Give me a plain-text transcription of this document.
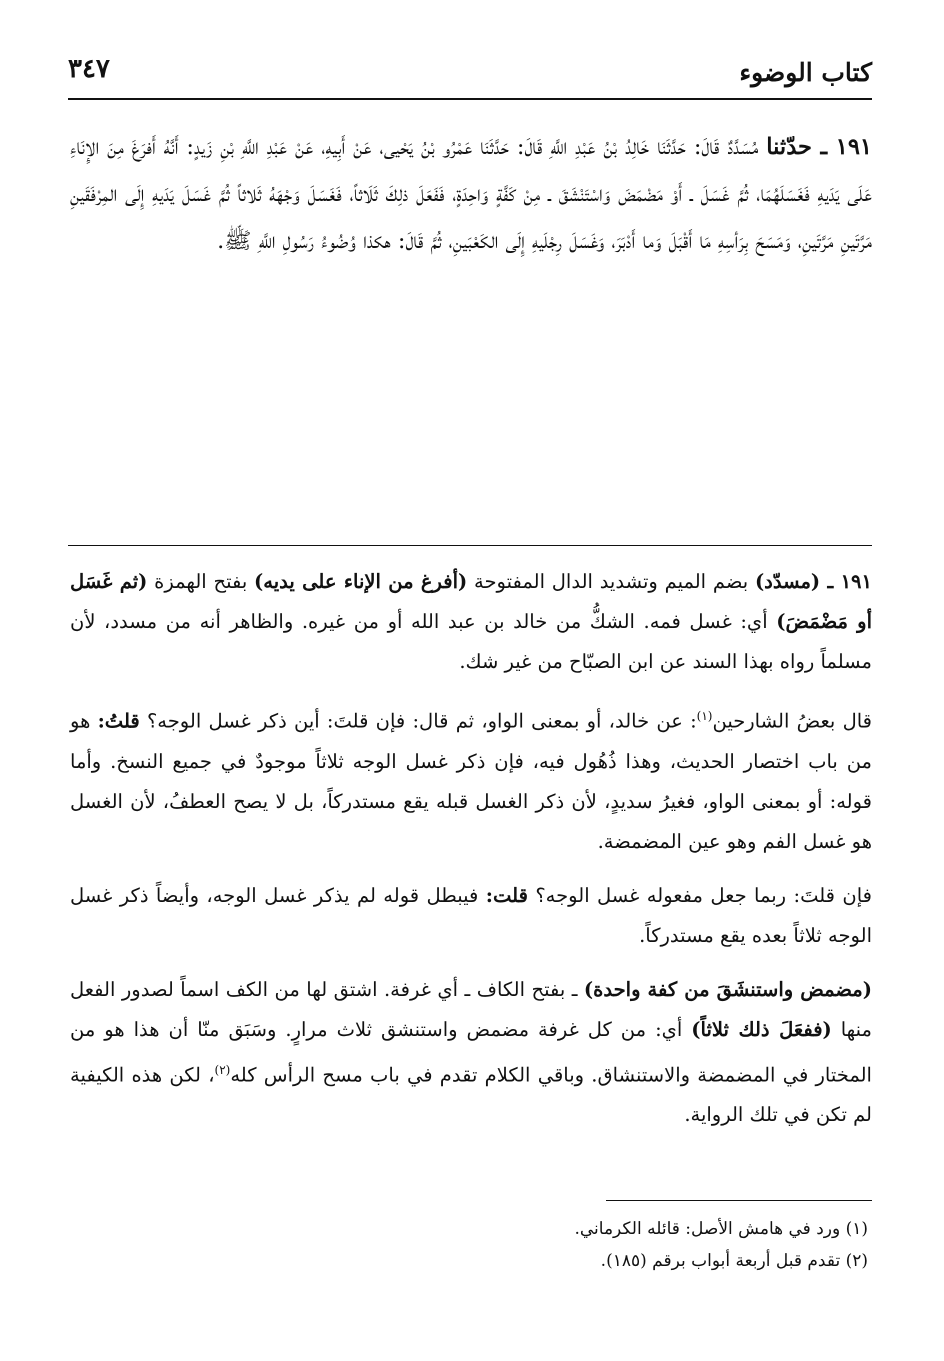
كتاب الوضوء
٣٤٧
١٩١ ـ حدّثنا مُسَدَّدٌ قَالَ: حَدَّثَنَا خَالِدُ بْنُ عَبْدِ اللَّهِ قَالَ: حَدَّثَنَا عَمْرُو بْنُ يَحْيى، عَنْ أَبِيهِ، عَنْ عَبْدِ اللَّهِ بْنِ زَيدٍ: أَنَّهُ أَفرَغَ مِنَ الإِنَاءِ عَلَى يَدَيهِ فَغَسَلَهُمَا، ثُمَّ غَسَلَ ـ أَوْ مَضْمَضَ وَاسْتَنْشَقَ ـ مِنْ كَفَّةٍ وَاحِدَةٍ، فَفَعَلَ ذلِكَ ثَلَاثاً، فَغَسَلَ وَجْهَهُ ثَلاثاً ثُمَّ غَسَلَ يَدَيهِ إِلَى المِرْفَقَينِ مَرَّتَينِ مَرَّتَينِ، وَمَسَحَ بِرَأسِهِ مَا أَقْبَلَ وَما أَدْبَرَ، وَغَسَلَ رِجْلَيهِ إِلَى الكَعْبَينِ، ثُمَّ قَالَ: هكذا وُضُوءُ رَسُولِ اللَّهِ ﷺ.

١٩١ ـ (مسدّد) بضم الميم وتشديد الدال المفتوحة (أفرغ من الإناء على يديه) بفتح الهمزة (ثم غَسَل أو مَضْمَضَ) أي: غسل فمه. الشكُّ من خالد بن عبد الله أو من غيره. والظاهر أنه من مسدد، لأن مسلماً رواه بهذا السند عن ابن الصبّاح من غير شك.

قال بعضُ الشارحين$^{(١)}$: عن خالد، أو بمعنى الواو، ثم قال: فإن قلتَ: أين ذكر غسل الوجه؟ قلتُ: هو من باب اختصار الحديث، وهذا ذُهُول فيه، فإن ذكر غسل الوجه ثلاثاً موجودٌ في جميع النسخ. وأما قوله: أو بمعنى الواو، فغيرُ سديدٍ، لأن ذكر الغسل قبله يقع مستدركاً، بل لا يصح العطفُ، لأن الغسل هو غسل الفم وهو عين المضمضة.

فإن قلتَ: ربما جعل مفعوله غسل الوجه؟ قلت: فيبطل قوله لم يذكر غسل الوجه، وأيضاً ذكر غسل الوجه ثلاثاً بعده يقع مستدركاً.

(مضمض واستنشَقَ من كفة واحدة) ـ بفتح الكاف ـ أي غرفة. اشتق لها من الكف اسماً لصدور الفعل منها (ففعَلَ ذلك ثلاثاً) أي: من كل غرفة مضمض واستنشق ثلاث مرارٍ. وسَبَق منّا أن هذا هو من المختار في المضمضة والاستنشاق. وباقي الكلام تقدم في باب مسح الرأس كله$^{(٢)}$، لكن هذه الكيفية لم تكن في تلك الرواية.

(١) ورد في هامش الأصل: قائله الكرماني.
(٢) تقدم قبل أربعة أبواب برقم (١٨٥).
